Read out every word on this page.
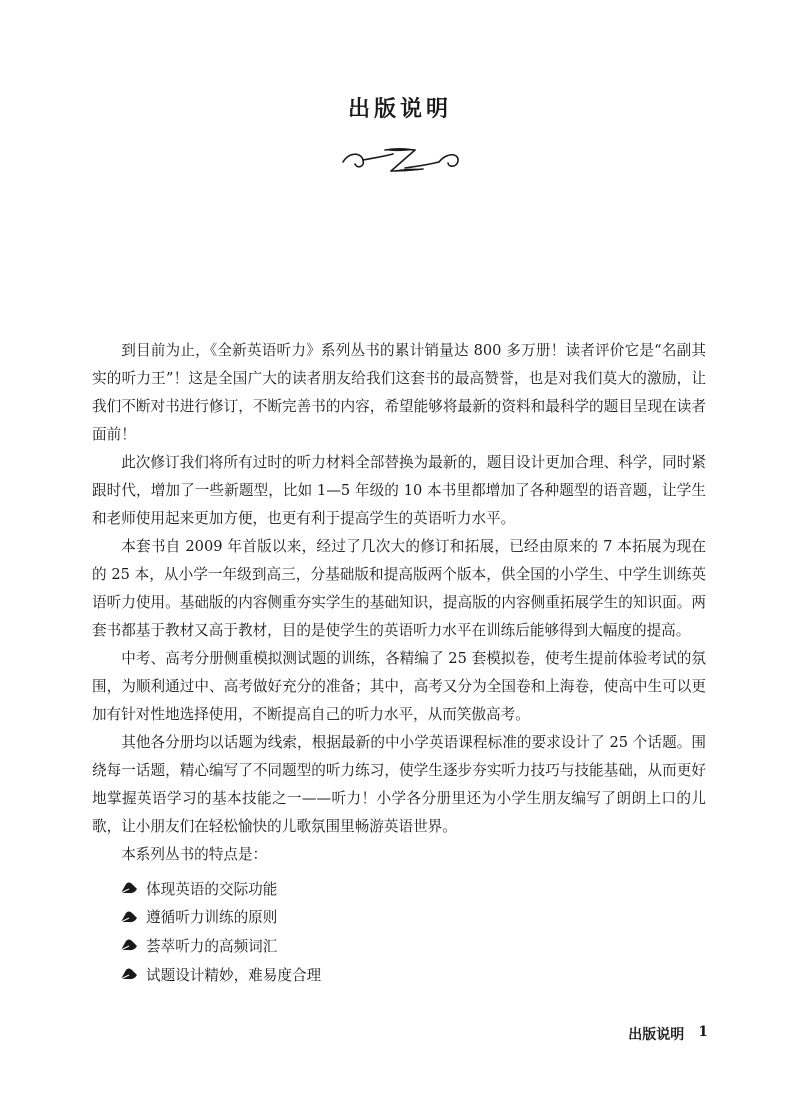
出版说明

到目前为止，《全新英语听力》系列丛书的累计销量达 800 多万册！读者评价它是“名副其实的听力王”！这是全国广大的读者朋友给我们这套书的最高赞誉，也是对我们莫大的激励，让我们不断对书进行修订，不断完善书的内容，希望能够将最新的资料和最科学的题目呈现在读者面前！

此次修订我们将所有过时的听力材料全部替换为最新的，题目设计更加合理、科学，同时紧跟时代，增加了一些新题型，比如 1—5 年级的 10 本书里都增加了各种题型的语音题，让学生和老师使用起来更加方便，也更有利于提高学生的英语听力水平。

本套书自 2009 年首版以来，经过了几次大的修订和拓展，已经由原来的 7 本拓展为现在的 25 本，从小学一年级到高三，分基础版和提高版两个版本，供全国的小学生、中学生训练英语听力使用。基础版的内容侧重夯实学生的基础知识，提高版的内容侧重拓展学生的知识面。两套书都基于教材又高于教材，目的是使学生的英语听力水平在训练后能够得到大幅度的提高。

中考、高考分册侧重模拟测试题的训练，各精编了 25 套模拟卷，使考生提前体验考试的氛围，为顺利通过中、高考做好充分的准备；其中，高考又分为全国卷和上海卷，使高中生可以更加有针对性地选择使用，不断提高自己的听力水平，从而笑傲高考。

其他各分册均以话题为线索，根据最新的中小学英语课程标准的要求设计了 25 个话题。围绕每一话题，精心编写了不同题型的听力练习，使学生逐步夯实听力技巧与技能基础，从而更好地掌握英语学习的基本技能之一——听力！小学各分册里还为小学生朋友编写了朗朗上口的儿歌，让小朋友们在轻松愉快的儿歌氛围里畅游英语世界。

本系列丛书的特点是：

体现英语的交际功能
遵循听力训练的原则
荟萃听力的高频词汇
试题设计精妙，难易度合理
出版说明 1
